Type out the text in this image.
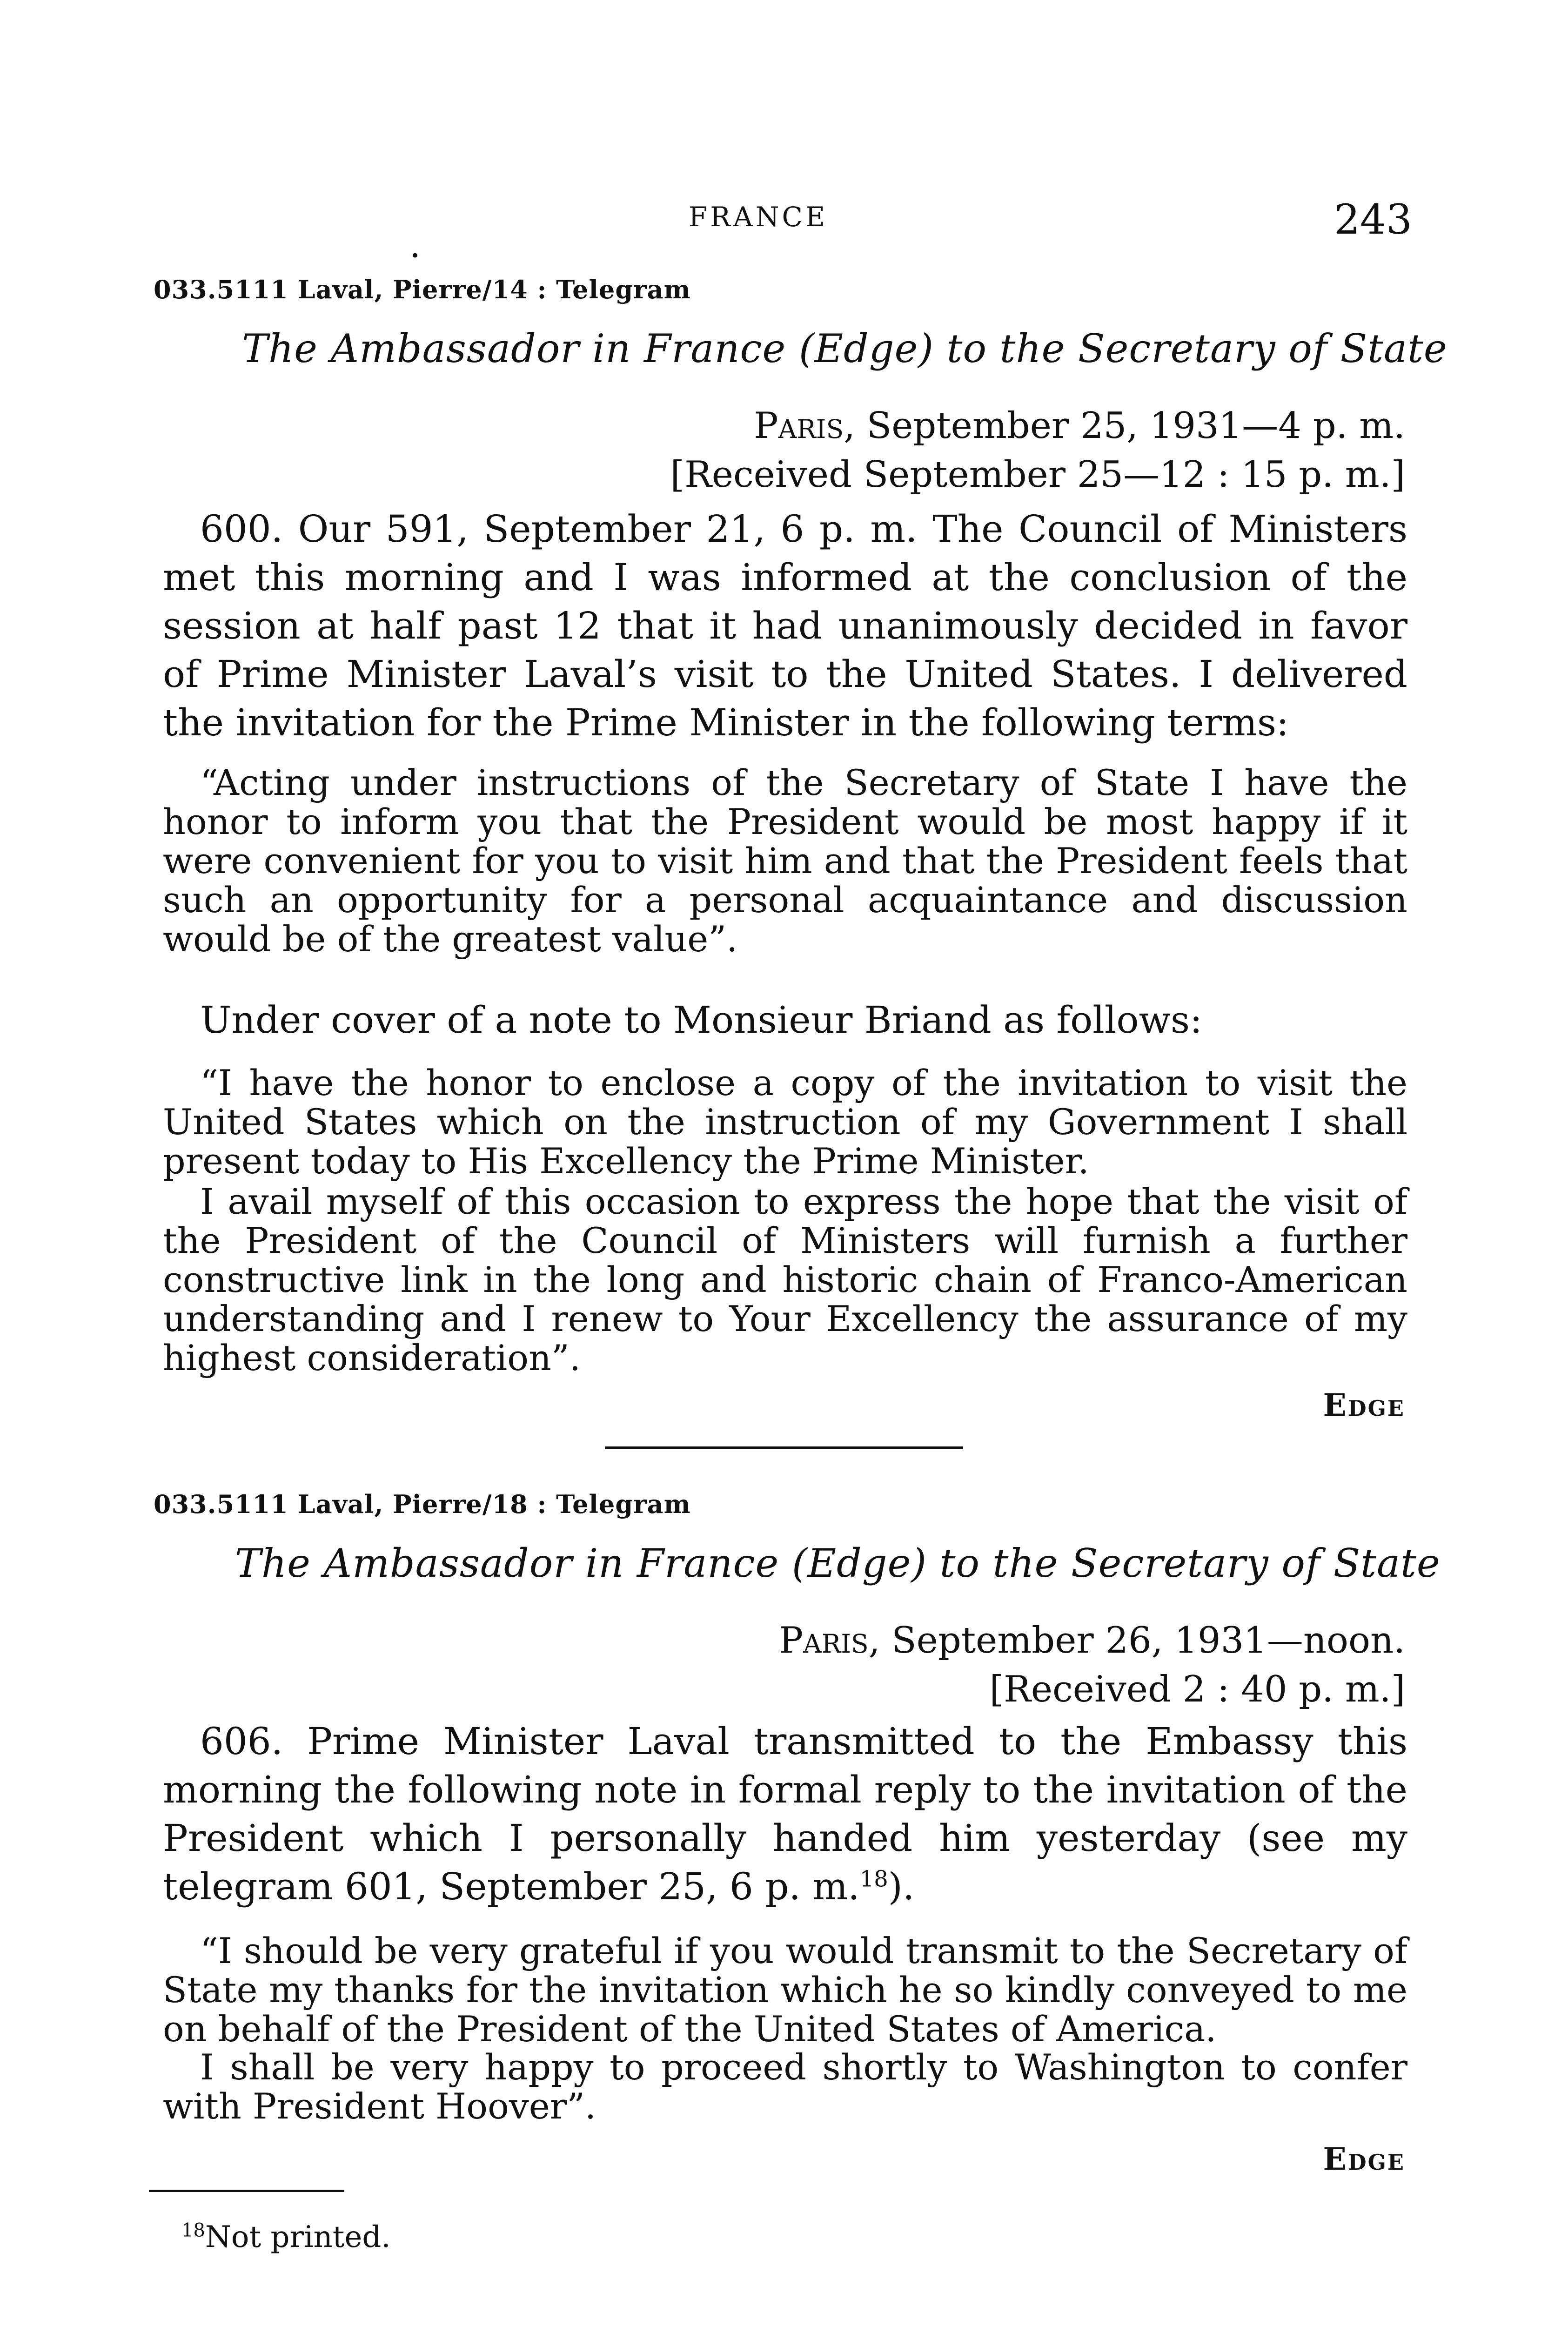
FRANCE	243
•
033.5111 Laval, Pierre/14 : Telegram
The Ambassador in France (Edge) to the Secretary of State
Paris, September 25, 1931—4 p. m.
[Received September 25—12 : 15 p. m.]

600. Our 591, September 21, 6 p. m. The Council of Ministers met this morning and I was informed at the conclusion of the session at half past 12 that it had unanimously decided in favor of Prime Minister Laval’s visit to the United States. I delivered the invitation for the Prime Minister in the following terms:

“Acting under instructions of the Secretary of State I have the honor to inform you that the President would be most happy if it were convenient for you to visit him and that the President feels that such an opportunity for a personal acquaintance and discussion would be of the greatest value”.

Under cover of a note to Monsieur Briand as follows:

“I have the honor to enclose a copy of the invitation to visit the United States which on the instruction of my Government I shall present today to His Excellency the Prime Minister.

I avail myself of this occasion to express the hope that the visit of the President of the Council of Ministers will furnish a further constructive link in the long and historic chain of Franco-American understanding and I renew to Your Excellency the assurance of my highest consideration”.

Edge
033.5111 Laval, Pierre/18 : Telegram
The Ambassador in France (Edge) to the Secretary of State
Paris, September 26, 1931—noon.
[Received 2 : 40 p. m.]

606. Prime Minister Laval transmitted to the Embassy this morning the following note in formal reply to the invitation of the President which I personally handed him yesterday (see my telegram 601, September 25, 6 p. m.$^{18}$).

“I should be very grateful if you would transmit to the Secretary of State my thanks for the invitation which he so kindly conveyed to me on behalf of the President of the United States of America.

I shall be very happy to proceed shortly to Washington to confer with President Hoover”.

Edge
$^{18}$Not printed.
